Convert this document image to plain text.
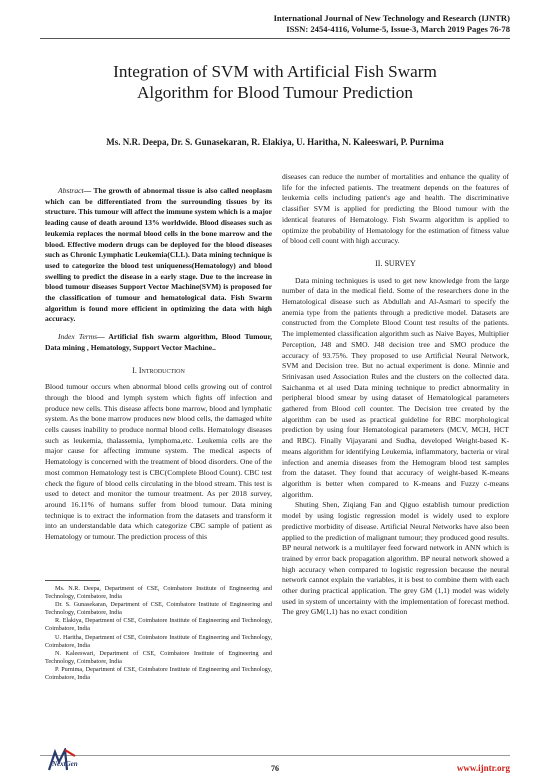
International Journal of New Technology and Research (IJNTR)
ISSN: 2454-4116, Volume-5, Issue-3, March 2019 Pages 76-78
Integration of SVM with Artificial Fish Swarm
Algorithm for Blood Tumour Prediction
Ms. N.R. Deepa, Dr. S. Gunasekaran, R. Elakiya, U. Haritha, N. Kaleeswari, P. Purnima

Abstract— The growth of abnormal tissue is also called neoplasm which can be differentiated from the surrounding tissues by its structure. This tumour will affect the immune system which is a major leading cause of death around 13% worldwide. Blood diseases such as leukemia replaces the normal blood cells in the bone marrow and the blood. Effective modern drugs can be deployed for the blood diseases such as Chronic Lymphatic Leukemia(CLL). Data mining technique is used to categorize the blood test uniqueness(Hematology) and blood swelling to predict the disease in a early stage. Due to the increase in blood tumour diseases Support Vector Machine(SVM) is proposed for the classification of tumour and hematological data. Fish Swarm algorithm is found more efficient in optimizing the data with high accuracy.

Index Terms— Artificial fish swarm algorithm, Blood Tumour, Data mining , Hematology, Support Vector Machine..

I. Introduction

Blood tumour occurs when abnormal blood cells growing out of control through the blood and lymph system which fights off infection and produce new cells. This disease affects bone marrow, blood and lymphatic system. As the bone marrow produces new blood cells, the damaged white cells causes inability to produce normal blood cells. Hematology diseases such as leukemia, thalassemia, lymphoma,etc. Leukemia cells are the major cause for affecting immune system. The medical aspects of Hematology is concerned with the treatment of blood disorders. One of the most common Hematology test is CBC(Complete Blood Count). CBC test check the figure of blood cells circulating in the blood stream. This test is used to detect and monitor the tumour treatment. As per 2018 survey, around 16.11% of humans suffer from blood tumour. Data mining technique is to extract the information from the datasets and transform it into an understandable data which categorize CBC sample of patient as Hematology or tumour. The prediction process of this

Ms. N.R. Deepa, Department of CSE, Coimbatore Institute of Engineering and Technology, Coimbatore, India

Dr. S. Gunasekaran, Department of CSE, Coimbatore Institute of Engineering and Technology, Coimbatore, India

R. Elakiya, Department of CSE, Coimbatore Institute of Engineering and Technology, Coimbatore, India

U. Haritha, Department of CSE, Coimbatore Institute of Engineering and Technology, Coimbatore, India

N. Kaleeswari, Department of CSE, Coimbatore Institute of Engineering and Technology, Coimbatore, India

P. Purnima, Department of CSE, Coimbatore Institute of Engineering and Technology, Coimbatore, India

diseases can reduce the number of mortalities and enhance the quality of life for the infected patients. The treatment depends on the features of leukemia cells including patient's age and health. The discriminative classifier SVM is applied for predicting the Blood tumour with the identical features of Hematology. Fish Swarm algorithm is applied to optimize the probability of Hematology for the estimation of fitness value of blood cell count with high accuracy.

II. SURVEY

Data mining techniques is used to get new knowledge from the large number of data in the medical field. Some of the researchers done in the Hematological disease such as Abdullah and Al-Asmari to specify the anemia type from the patients through a predictive model. Datasets are constructed from the Complete Blood Count test results of the patients. The implemented classification algorithm such as Naive Bayes, Multiplier Perception, J48 and SMO. J48 decision tree and SMO produce the accuracy of 93.75%. They proposed to use Artificial Neural Network, SVM and Decision tree. But no actual experiment is done. Minnie and Srinivasan used Association Rules and the clusters on the collected data. Saichanma et al used Data mining technique to predict abnormality in peripheral blood smear by using dataset of Hematological parameters gathered from Blood cell counter. The Decision tree created by the algorithm can be used as practical guideline for RBC morphological prediction by using four Hematological parameters (MCV, MCH, HCT and RBC). Finally Vijayarani and Sudha, developed Weight-based K-means algorithm for identifying Leukemia, inflammatory, bacteria or viral infection and anemia diseases from the Hemogram blood test samples from the dataset. They found that accuracy of weight-based K-means algorithm is better when compared to K-means and Fuzzy c-means algorithm.

Shuting Shen, Ziqiang Fan and Qiguo establish tumour prediction model by using logistic regression model is widely used to explore predictive morbidity of disease. Artificial Neural Networks have also been applied to the prediction of malignant tumour; they produced good results. BP neural network is a multilayer feed forward network in ANN which is trained by error back propagation algorithm. BP neural network showed a high accuracy when compared to logistic regression because the neural network cannot explain the variables, it is best to combine them with each other during practical application. The grey GM (1,1) model was widely used in system of uncertainty with the implementation of forecast method. The grey GM(1,1) has no exact condition

NextGen	76	www.ijntr.org
